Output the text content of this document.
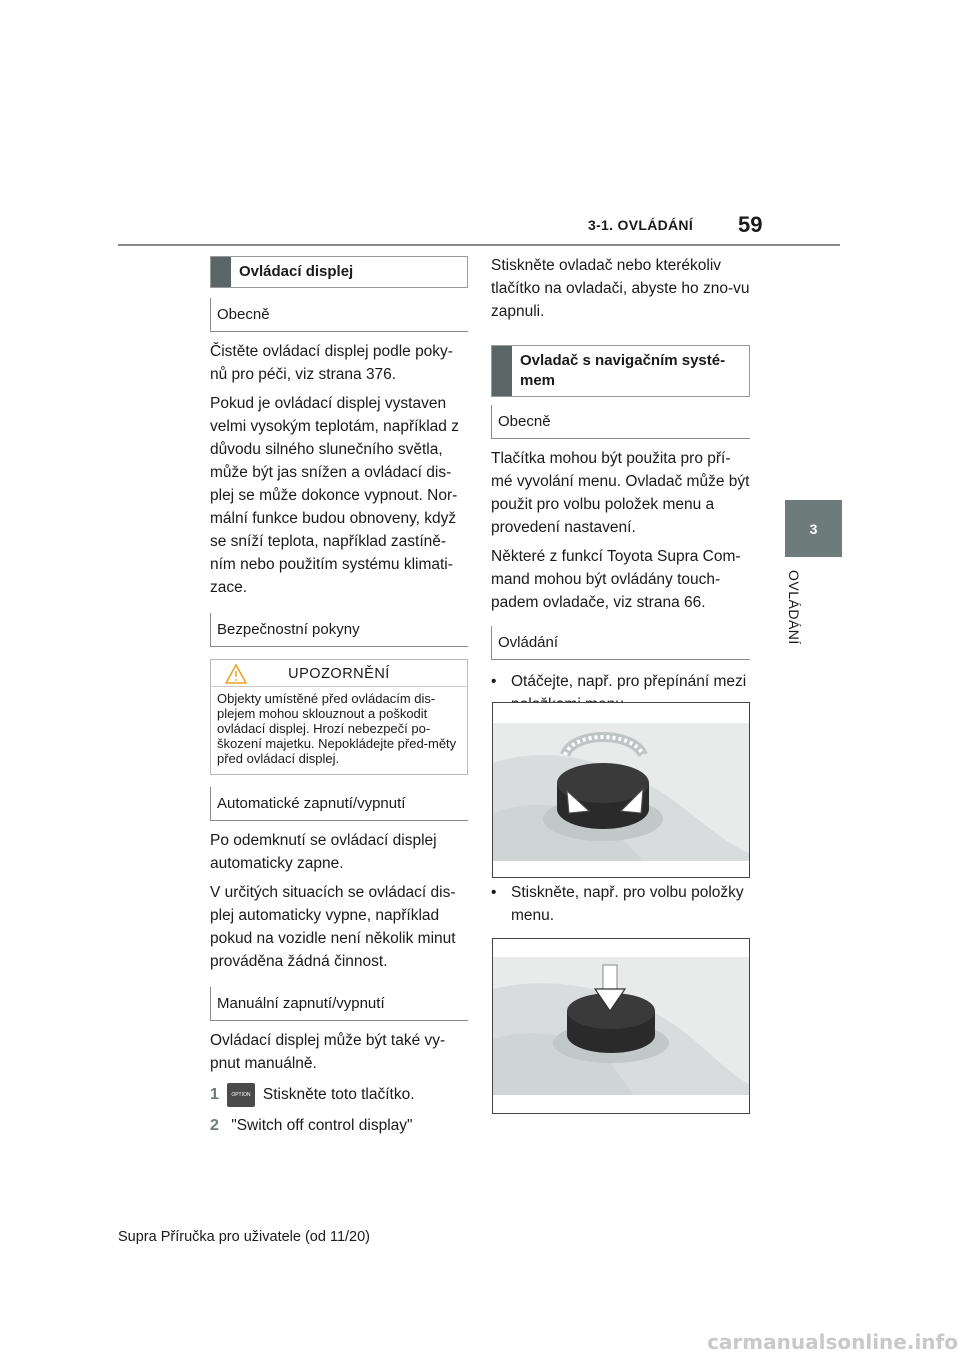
3-1. OVLÁDÁNÍ 59
3
OVLÁDÁNÍ
Ovládací displej
Obecně

Čistěte ovládací displej podle poky-nů pro péči, viz strana 376.

Pokud je ovládací displej vystaven velmi vysokým teplotám, například z důvodu silného slunečního světla, může být jas snížen a ovládací dis-plej se může dokonce vypnout. Nor-mální funkce budou obnoveny, když se sníží teplota, například zastíně-ním nebo použitím systému klimati-zace.

Bezpečnostní pokyny
UPOZORNĚNÍ
Objekty umístěné před ovládacím dis-plejem mohou sklouznout a poškodit ovládací displej. Hrozí nebezpečí po-škození majetku. Nepokládejte před-měty před ovládací displej.
Automatické zapnutí/vypnutí

Po odemknutí se ovládací displej automaticky zapne.

V určitých situacích se ovládací dis-plej automaticky vypne, například pokud na vozidle není několik minut prováděna žádná činnost.

Manuální zapnutí/vypnutí

Ovládací displej může být také vy-pnut manuálně.

1	OPTION Stiskněte toto tlačítko.
2 "Switch off control display"

Stiskněte ovladač nebo kterékoliv tlačítko na ovladači, abyste ho zno-vu zapnuli.

Ovladač s navigačním systé-mem
Obecně

Tlačítka mohou být použita pro pří-mé vyvolání menu. Ovladač může být použit pro volbu položek menu a provedení nastavení.

Některé z funkcí Toyota Supra Com-mand mohou být ovládány touch-padem ovladače, viz strana 66.

Ovládání
• Otáčejte, např. pro přepínání mezi
• Stiskněte, např. pro volbu položky menu.
Supra Příručka pro uživatele (od 11/20)
carmanualsonline.info
